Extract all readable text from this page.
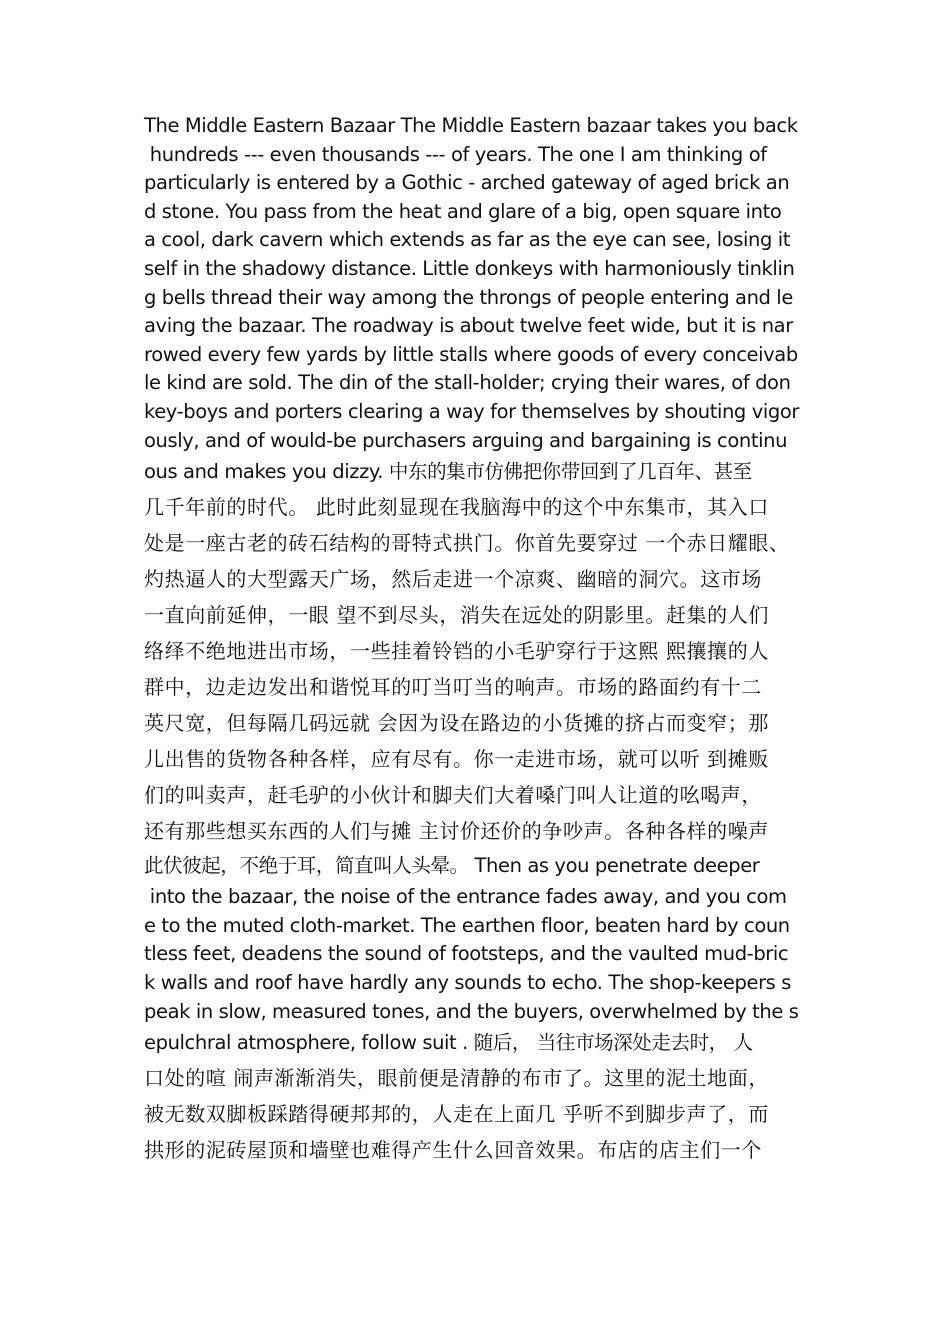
The Middle Eastern Bazaar The Middle Eastern bazaar takes you back
hundreds --- even thousands --- of years. The one I am thinking of
particularly is entered by a Gothic - arched gateway of aged brick an
d stone. You pass from the heat and glare of a big, open square into
a cool, dark cavern which extends as far as the eye can see, losing it
self in the shadowy distance. Little donkeys with harmoniously tinklin
g bells thread their way among the throngs of people entering and le
aving the bazaar. The roadway is about twelve feet wide, but it is nar
rowed every few yards by little stalls where goods of every conceivab
le kind are sold. The din of the stall-holder; crying their wares, of don
key-boys and porters clearing a way for themselves by shouting vigor
ously, and of would-be purchasers arguing and bargaining is continu
ous and makes you dizzy. 中东的集市仿佛把你带回到了几百年、甚至
几千年前的时代。 此时此刻显现在我脑海中的这个中东集市，其入口
处是一座古老的砖石结构的哥特式拱门。你首先要穿过 一个赤日耀眼、
灼热逼人的大型露天广场，然后走进一个凉爽、幽暗的洞穴。这市场
一直向前延伸，一眼 望不到尽头，消失在远处的阴影里。赶集的人们
络绎不绝地进出市场，一些挂着铃铛的小毛驴穿行于这熙 熙攘攘的人
群中，边走边发出和谐悦耳的叮当叮当的响声。市场的路面约有十二
英尺宽，但每隔几码远就 会因为设在路边的小货摊的挤占而变窄；那
儿出售的货物各种各样，应有尽有。你一走进市场，就可以听 到摊贩
们的叫卖声，赶毛驴的小伙计和脚夫们大着嗓门叫人让道的吆喝声，
还有那些想买东西的人们与摊 主讨价还价的争吵声。各种各样的噪声
此伏彼起，不绝于耳，简直叫人头晕。 Then as you penetrate deeper
into the bazaar, the noise of the entrance fades away, and you com
e to the muted cloth-market. The earthen floor, beaten hard by coun
tless feet, deadens the sound of footsteps, and the vaulted mud-bric
k walls and roof have hardly any sounds to echo. The shop-keepers s
peak in slow, measured tones, and the buyers, overwhelmed by the s
epulchral atmosphere, follow suit . 随后， 当往市场深处走去时， 人
口处的喧 闹声渐渐消失，眼前便是清静的布市了。这里的泥土地面，
被无数双脚板踩踏得硬邦邦的，人走在上面几 乎听不到脚步声了，而
拱形的泥砖屋顶和墙壁也难得产生什么回音效果。布店的店主们一个
